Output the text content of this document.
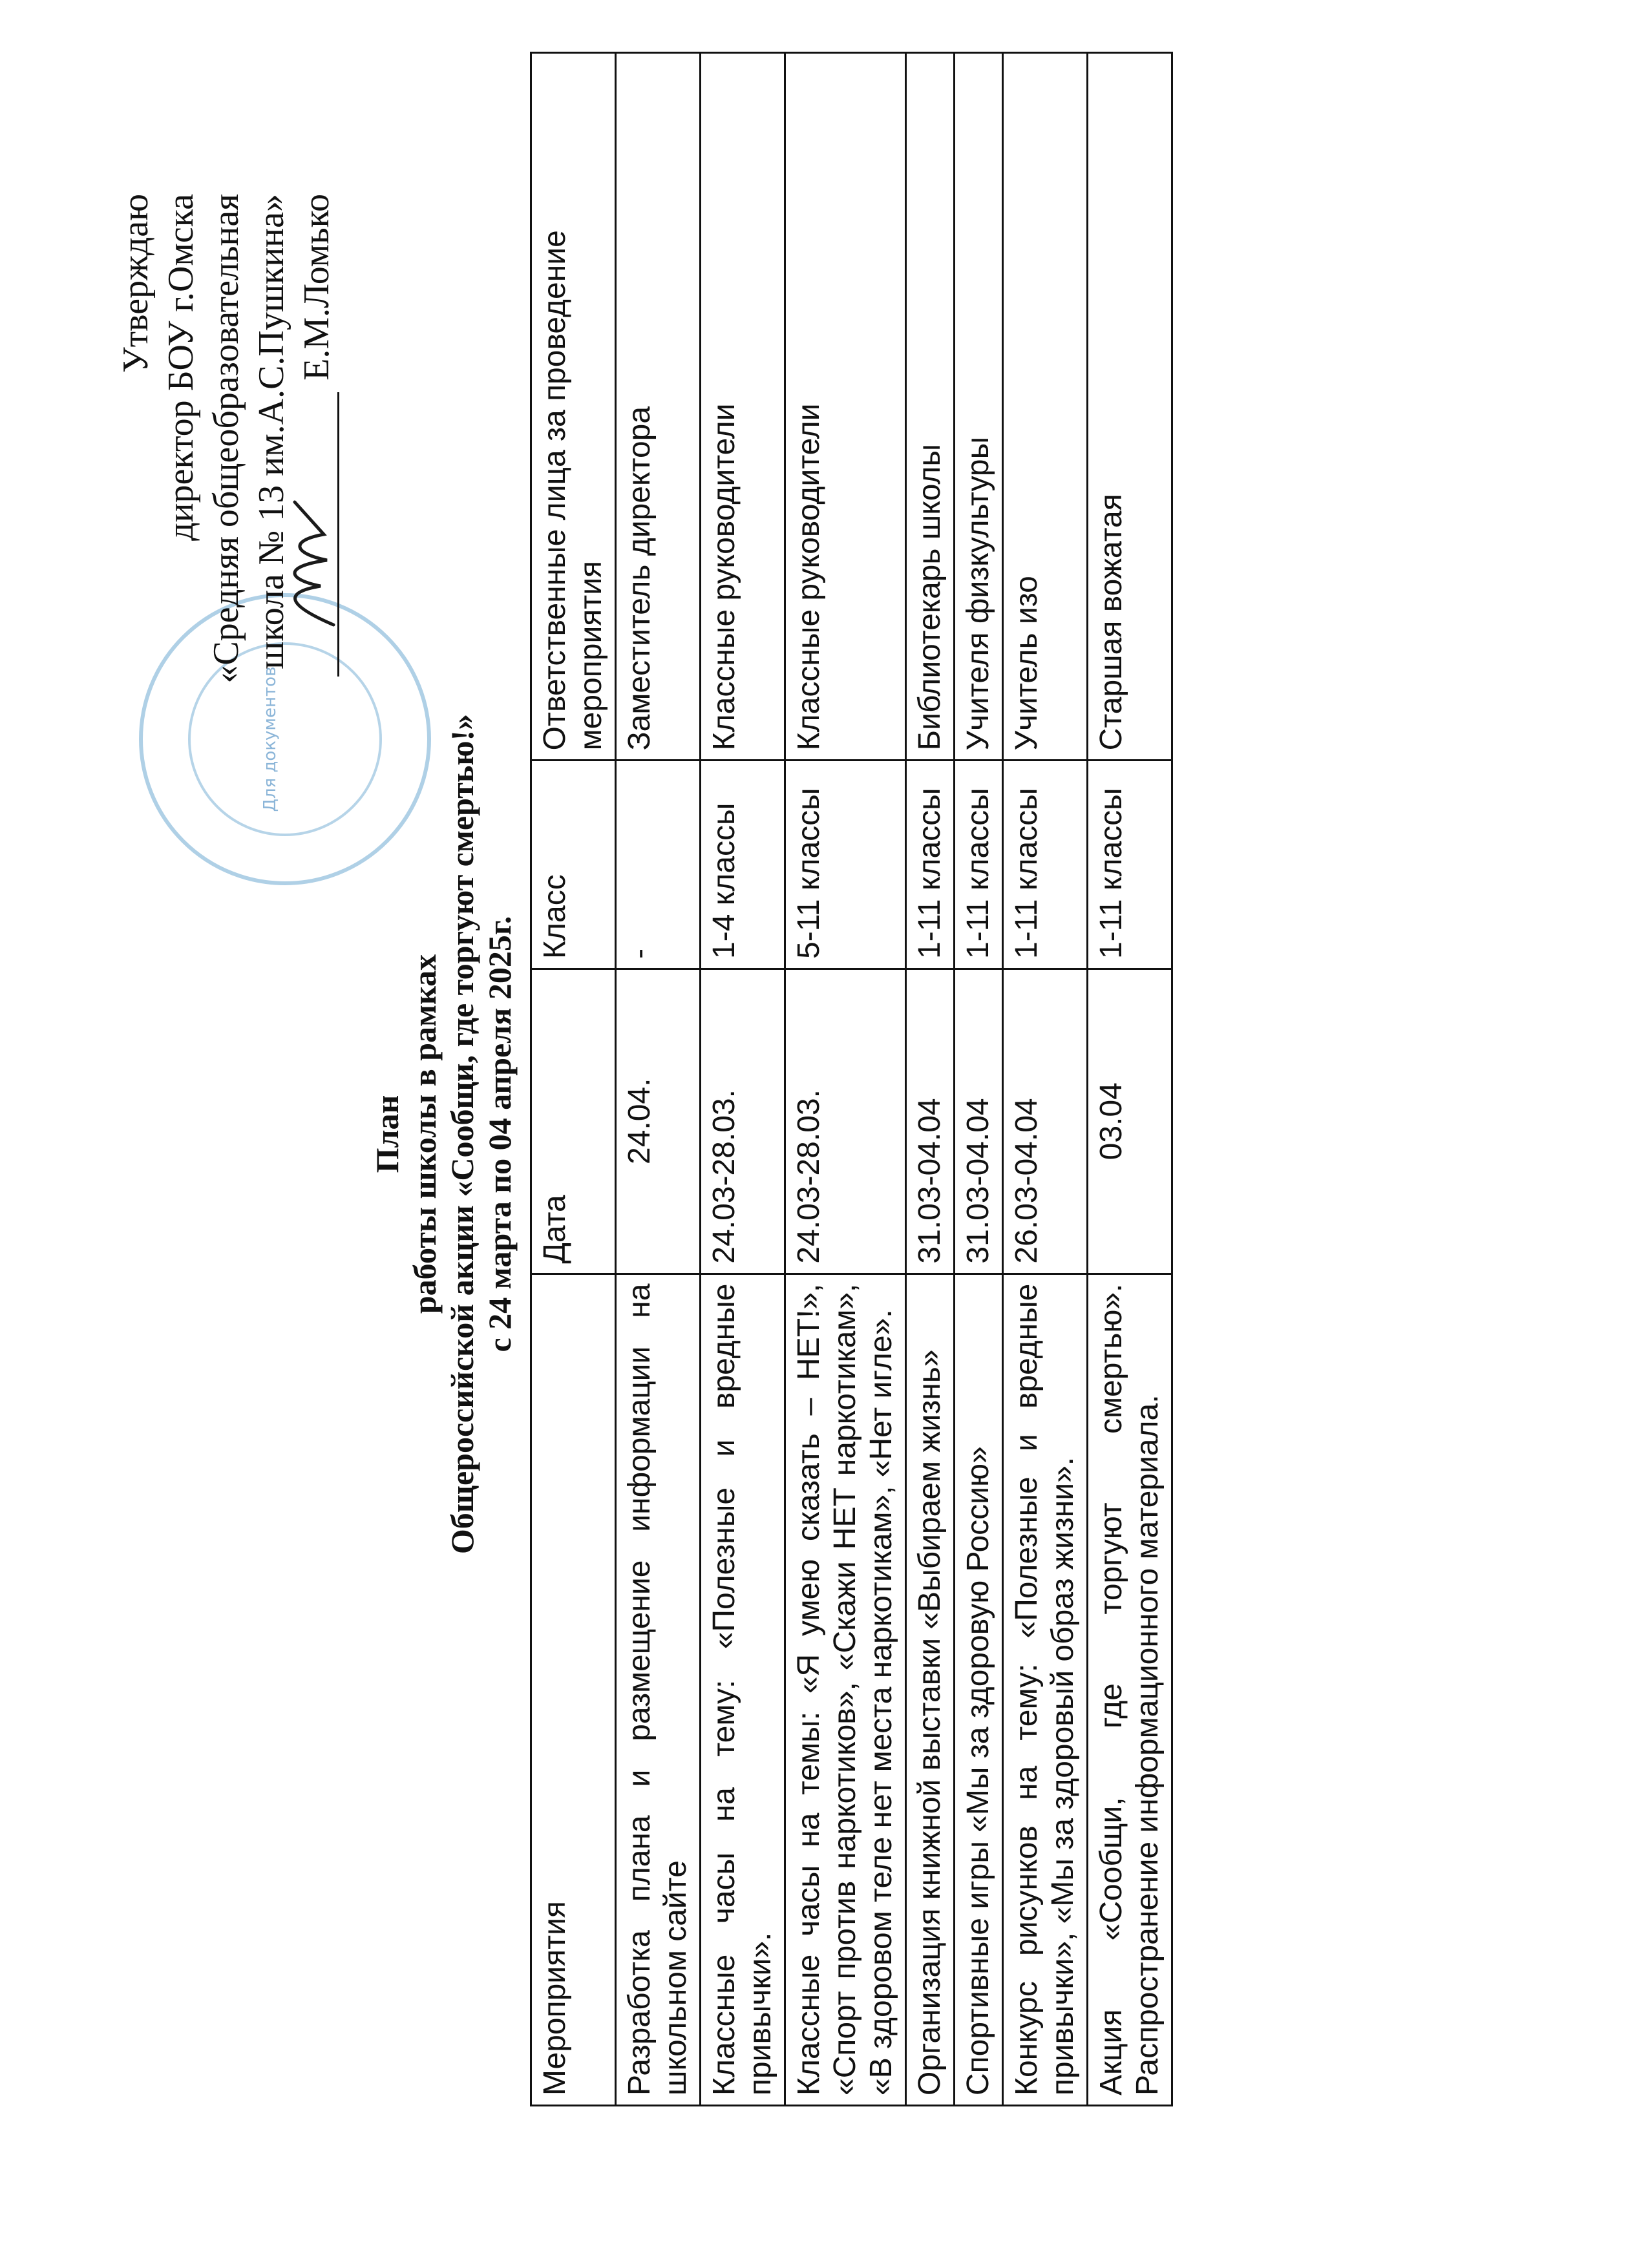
Для документов
Утверждаю директор БОУ г.Омска «Средняя общеобразовательная школа № 13 им.А.С.Пушкина» Е.М.Ломько
План работы школы в рамках Общероссийской акции «Сообщи, где торгуют смертью!» с 24 марта по 04 апреля 2025г.
Мероприятия	Дата	Класс	Ответственные лица за проведение мероприятия
Разработка плана и размещение информации на школьном сайте	24.04.	-	Заместитель директора
Классные часы на тему: «Полезные и вредные привычки».	24.03-28.03.	1-4 классы	Классные руководители
Классные часы на темы: «Я умею сказать – НЕТ!», «Спорт против наркотиков», «Скажи НЕТ наркотикам», «В здоровом теле нет места наркотикам», «Нет игле».	24.03-28.03.	5-11 классы	Классные руководители
Организация книжной выставки «Выбираем жизнь»	31.03-04.04	1-11 классы	Библиотекарь школы
Спортивные игры «Мы за здоровую Россию»	31.03-04.04	1-11 классы	Учителя физкультуры
Конкурс рисунков на тему: «Полезные и вредные привычки», «Мы за здоровый образ жизни».	26.03-04.04	1-11 классы	Учитель изо
Акция «Сообщи, где торгуют смертью». Распространение информационного материала.	03.04	1-11 классы	Старшая вожатая
